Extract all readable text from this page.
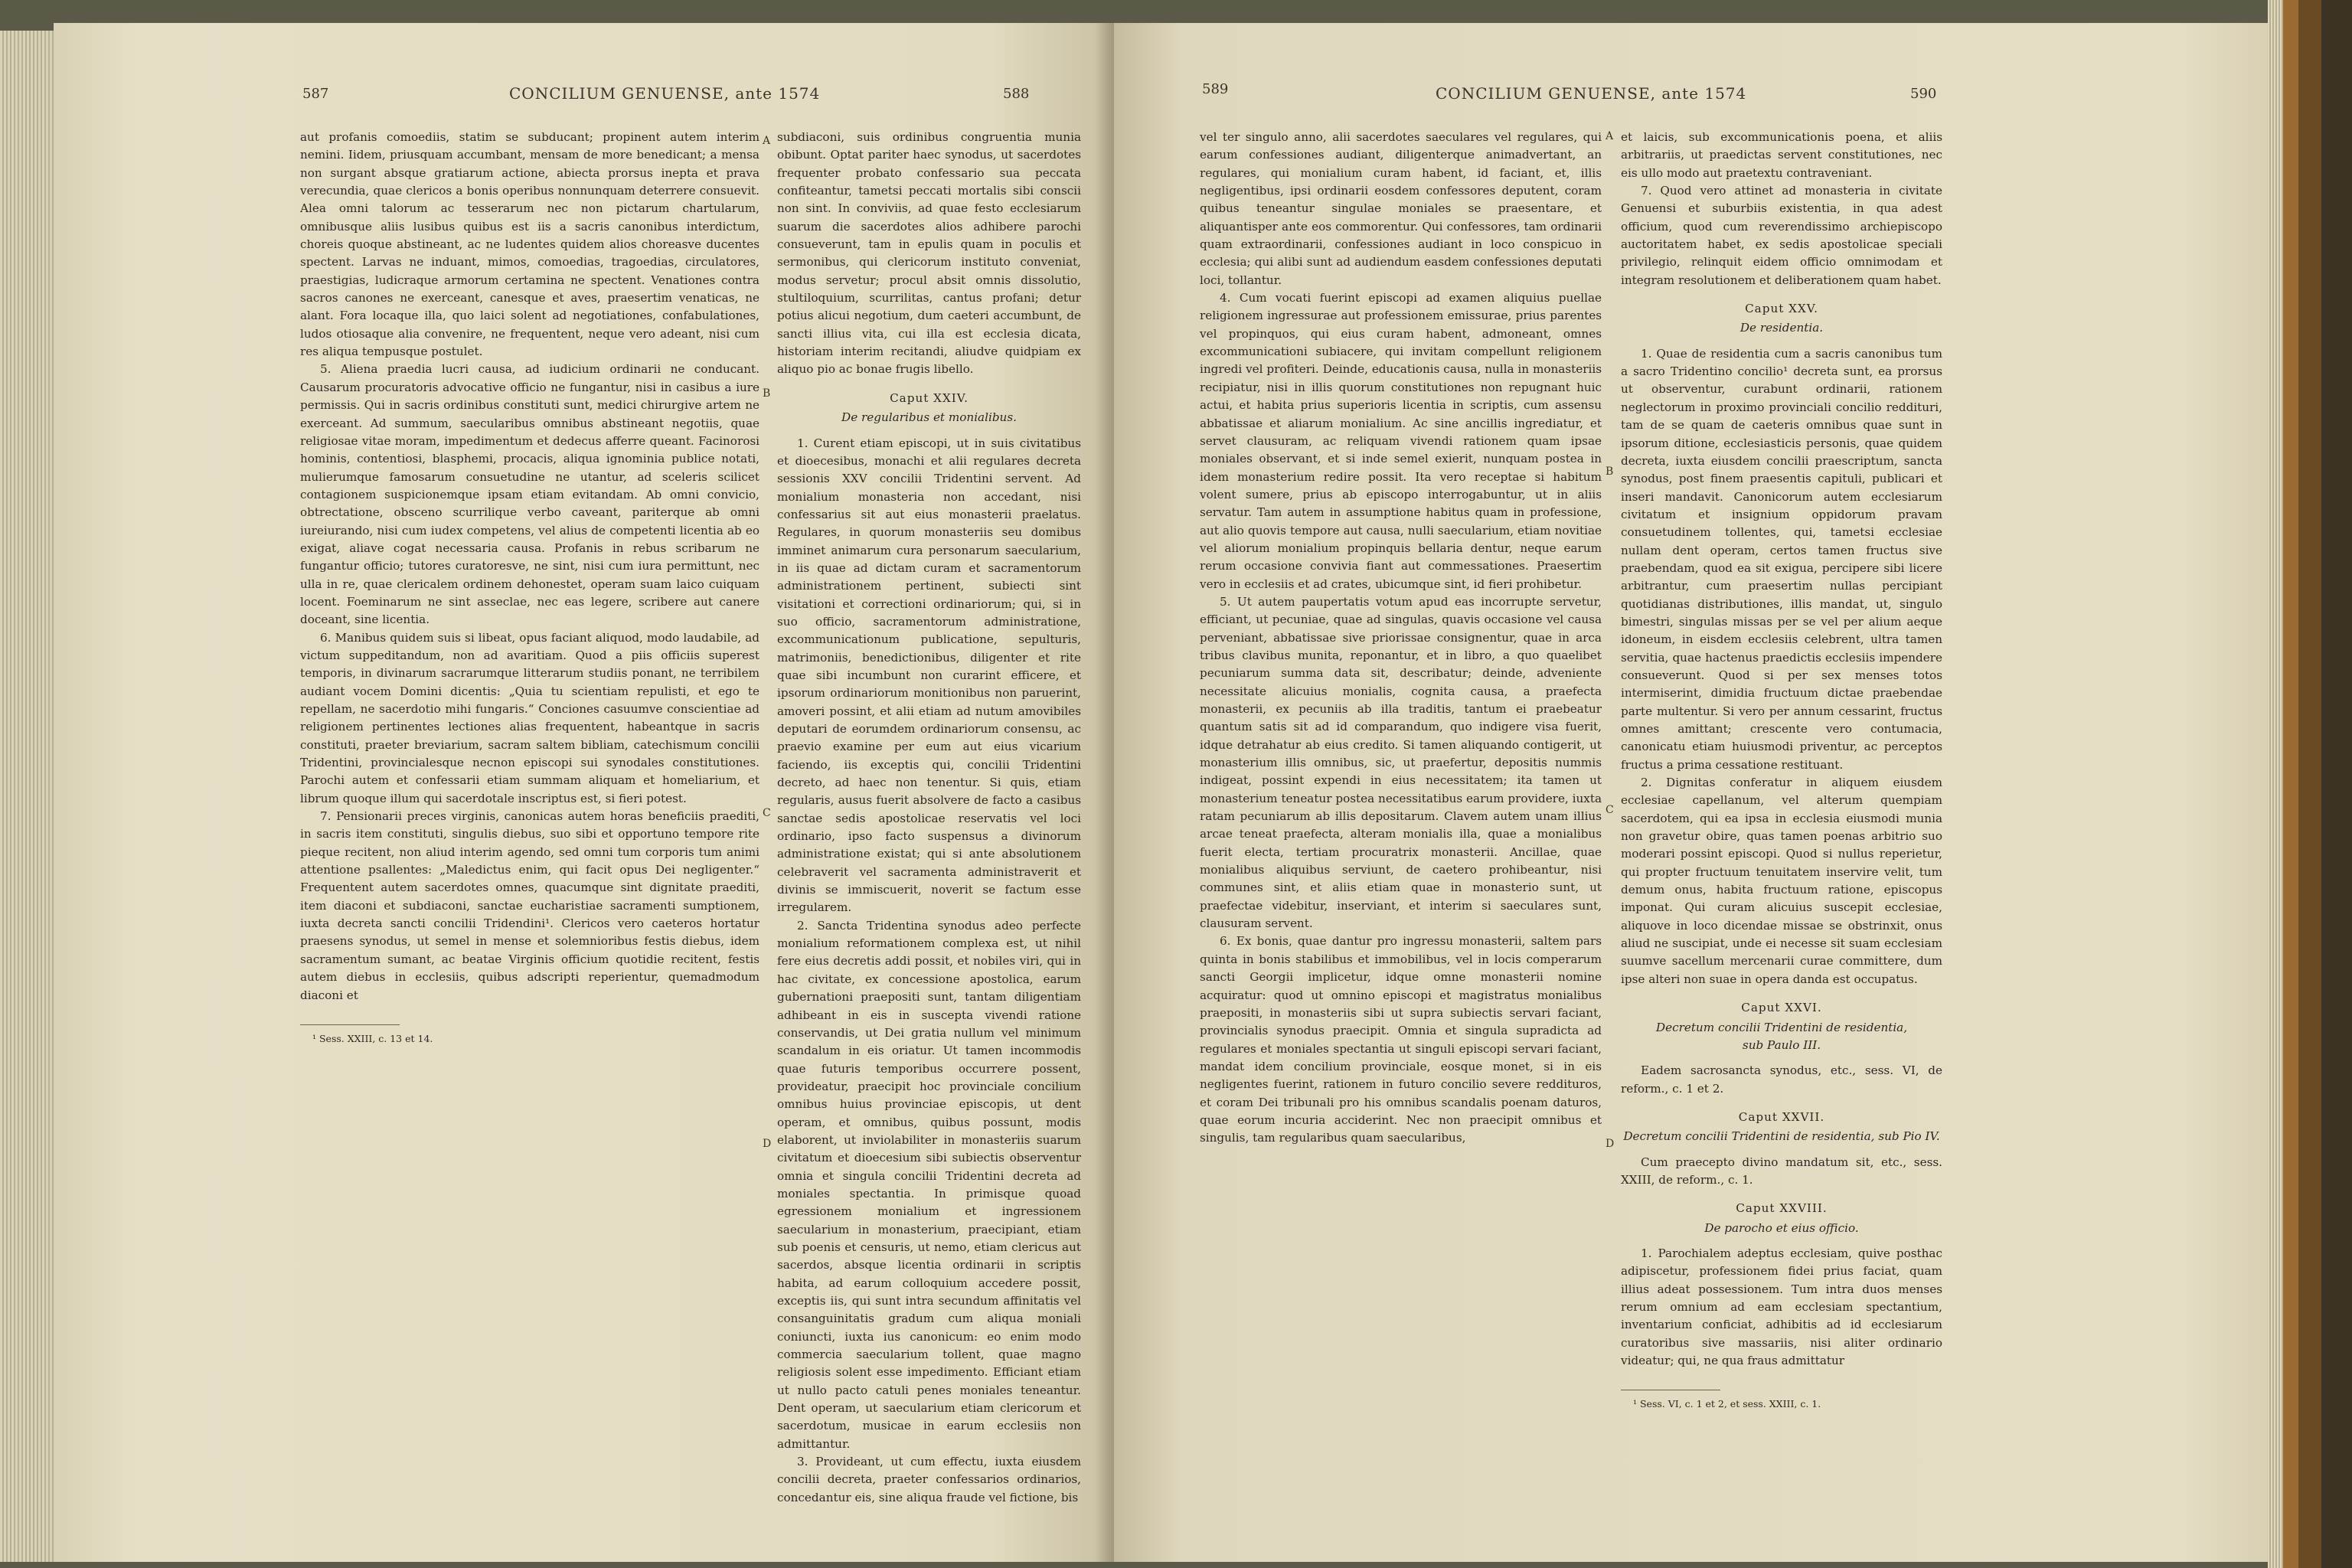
587	CONCILIUM GENUENSE, ante 1574	588

aut profanis comoediis, statim se subducant; propinent autem interim nemini. Iidem, priusquam accumbant, mensam de more benedicant; a mensa non surgant absque gratiarum actione, abiecta prorsus inepta et prava verecundia, quae clericos a bonis operibus nonnunquam deterrere consuevit. Alea omni talorum ac tesserarum nec non pictarum chartularum, omnibusque aliis lusibus quibus est iis a sacris canonibus interdictum, choreis quoque abstineant, ac ne ludentes quidem alios choreasve ducentes spectent. Larvas ne induant, mimos, comoedias, tragoedias, circulatores, praestigias, ludicraque armorum certamina ne spectent. Venationes contra sacros canones ne exerceant, canesque et aves, praesertim venaticas, ne alant. Fora locaque illa, quo laici solent ad negotiationes, confabulationes, ludos otiosaque alia convenire, ne frequentent, neque vero adeant, nisi cum res aliqua tempusque postulet.

5. Aliena praedia lucri causa, ad iudicium ordinarii ne conducant. Causarum procuratoris advocative officio ne fungantur, nisi in casibus a iure permissis. Qui in sacris ordinibus constituti sunt, medici chirurgive artem ne exerceant. Ad summum, saecularibus omnibus abstineant negotiis, quae religiosae vitae moram, impedimentum et dedecus afferre queant. Facinorosi hominis, contentiosi, blasphemi, procacis, aliqua ignominia publice notati, mulierumque famosarum consuetudine ne utantur, ad sceleris scilicet contagionem suspicionemque ipsam etiam evitandam. Ab omni convicio, obtrectatione, obsceno scurrilique verbo caveant, pariterque ab omni iureiurando, nisi cum iudex competens, vel alius de competenti licentia ab eo exigat, aliave cogat necessaria causa. Profanis in rebus scribarum ne fungantur officio; tutores curatoresve, ne sint, nisi cum iura permittunt, nec ulla in re, quae clericalem ordinem dehonestet, operam suam laico cuiquam locent. Foeminarum ne sint asseclae, nec eas legere, scribere aut canere doceant, sine licentia.

6. Manibus quidem suis si libeat, opus faciant aliquod, modo laudabile, ad victum suppeditandum, non ad avaritiam. Quod a piis officiis superest temporis, in divinarum sacrarumque litterarum studiis ponant, ne terribilem audiant vocem Domini dicentis: „Quia tu scientiam repulisti, et ego te repellam, ne sacerdotio mihi fungaris.“ Conciones casuumve conscientiae ad religionem pertinentes lectiones alias frequentent, habeantque in sacris constituti, praeter breviarium, sacram saltem bibliam, catechismum concilii Tridentini, provincialesque necnon episcopi sui synodales constitutiones. Parochi autem et confessarii etiam summam aliquam et homeliarium, et librum quoque illum qui sacerdotale inscriptus est, si fieri potest.

7. Pensionarii preces virginis, canonicas autem horas beneficiis praediti, in sacris item constituti, singulis diebus, suo sibi et opportuno tempore rite pieque recitent, non aliud interim agendo, sed omni tum corporis tum animi attentione psallentes: „Maledictus enim, qui facit opus Dei negligenter.“ Frequentent autem sacerdotes omnes, quacumque sint dignitate praediti, item diaconi et subdiaconi, sanctae eucharistiae sacramenti sumptionem, iuxta decreta sancti concilii Tridendini¹. Clericos vero caeteros hortatur praesens synodus, ut semel in mense et solemnioribus festis diebus, idem sacramentum sumant, ac beatae Virginis officium quotidie recitent, festis autem diebus in ecclesiis, quibus adscripti reperientur, quemadmodum diaconi et

¹ Sess. XXIII, c. 13 et 14.

A
B
C
D

subdiaconi, suis ordinibus congruentia munia obibunt. Optat pariter haec synodus, ut sacerdotes frequenter probato confessario sua peccata confiteantur, tametsi peccati mortalis sibi conscii non sint. In conviviis, ad quae festo ecclesiarum suarum die sacerdotes alios adhibere parochi consueverunt, tam in epulis quam in poculis et sermonibus, qui clericorum instituto conveniat, modus servetur; procul absit omnis dissolutio, stultiloquium, scurrilitas, cantus profani; detur potius alicui negotium, dum caeteri accumbunt, de sancti illius vita, cui illa est ecclesia dicata, historiam interim recitandi, aliudve quidpiam ex aliquo pio ac bonae frugis libello.

Caput XXIV.

De regularibus et monialibus.

1. Curent etiam episcopi, ut in suis civitatibus et dioecesibus, monachi et alii regulares decreta sessionis XXV concilii Tridentini servent. Ad monialium monasteria non accedant, nisi confessarius sit aut eius monasterii praelatus. Regulares, in quorum monasteriis seu domibus imminet animarum cura personarum saecularium, in iis quae ad dictam curam et sacramentorum administrationem pertinent, subiecti sint visitationi et correctioni ordinariorum; qui, si in suo officio, sacramentorum administratione, excommunicationum publicatione, sepulturis, matrimoniis, benedictionibus, diligenter et rite quae sibi incumbunt non curarint efficere, et ipsorum ordinariorum monitionibus non paruerint, amoveri possint, et alii etiam ad nutum amovibiles deputari de eorumdem ordinariorum consensu, ac praevio examine per eum aut eius vicarium faciendo, iis exceptis qui, concilii Tridentini decreto, ad haec non tenentur. Si quis, etiam regularis, ausus fuerit absolvere de facto a casibus sanctae sedis apostolicae reservatis vel loci ordinario, ipso facto suspensus a divinorum administratione existat; qui si ante absolutionem celebraverit vel sacramenta administraverit et divinis se immiscuerit, noverit se factum esse irregularem.

2. Sancta Tridentina synodus adeo perfecte monialium reformationem complexa est, ut nihil fere eius decretis addi possit, et nobiles viri, qui in hac civitate, ex concessione apostolica, earum gubernationi praepositi sunt, tantam diligentiam adhibeant in eis in suscepta vivendi ratione conservandis, ut Dei gratia nullum vel minimum scandalum in eis oriatur. Ut tamen incommodis quae futuris temporibus occurrere possent, provideatur, praecipit hoc provinciale concilium omnibus huius provinciae episcopis, ut dent operam, et omnibus, quibus possunt, modis elaborent, ut inviolabiliter in monasteriis suarum civitatum et dioecesium sibi subiectis observentur omnia et singula concilii Tridentini decreta ad moniales spectantia. In primisque quoad egressionem monialium et ingressionem saecularium in monasterium, praecipiant, etiam sub poenis et censuris, ut nemo, etiam clericus aut sacerdos, absque licentia ordinarii in scriptis habita, ad earum colloquium accedere possit, exceptis iis, qui sunt intra secundum affinitatis vel consanguinitatis gradum cum aliqua moniali coniuncti, iuxta ius canonicum: eo enim modo commercia saecularium tollent, quae magno religiosis solent esse impedimento. Efficiant etiam ut nullo pacto catuli penes moniales teneantur. Dent operam, ut saecularium etiam clericorum et sacerdotum, musicae in earum ecclesiis non admittantur.

3. Provideant, ut cum effectu, iuxta eiusdem concilii decreta, praeter confessarios ordinarios, concedantur eis, sine aliqua fraude vel fictione, bis

589	CONCILIUM GENUENSE, ante 1574	590

vel ter singulo anno, alii sacerdotes saeculares vel regulares, qui earum confessiones audiant, diligenterque animadvertant, an regulares, qui monialium curam habent, id faciant, et, illis negligentibus, ipsi ordinarii eosdem confessores deputent, coram quibus teneantur singulae moniales se praesentare, et aliquantisper ante eos commorentur. Qui confessores, tam ordinarii quam extraordinarii, confessiones audiant in loco conspicuo in ecclesia; qui alibi sunt ad audiendum easdem confessiones deputati loci, tollantur.

4. Cum vocati fuerint episcopi ad examen aliquius puellae religionem ingressurae aut professionem emissurae, prius parentes vel propinquos, qui eius curam habent, admoneant, omnes excommunicationi subiacere, qui invitam compellunt religionem ingredi vel profiteri. Deinde, educationis causa, nulla in monasteriis recipiatur, nisi in illis quorum constitutiones non repugnant huic actui, et habita prius superioris licentia in scriptis, cum assensu abbatissae et aliarum monialium. Ac sine ancillis ingrediatur, et servet clausuram, ac reliquam vivendi rationem quam ipsae moniales observant, et si inde semel exierit, nunquam postea in idem monasterium redire possit. Ita vero receptae si habitum volent sumere, prius ab episcopo interrogabuntur, ut in aliis servatur. Tam autem in assumptione habitus quam in professione, aut alio quovis tempore aut causa, nulli saecularium, etiam novitiae vel aliorum monialium propinquis bellaria dentur, neque earum rerum occasione convivia fiant aut commessationes. Praesertim vero in ecclesiis et ad crates, ubicumque sint, id fieri prohibetur.

5. Ut autem paupertatis votum apud eas incorrupte servetur, efficiant, ut pecuniae, quae ad singulas, quavis occasione vel causa perveniant, abbatissae sive priorissae consignentur, quae in arca tribus clavibus munita, reponantur, et in libro, a quo quaelibet pecuniarum summa data sit, describatur; deinde, adveniente necessitate alicuius monialis, cognita causa, a praefecta monasterii, ex pecuniis ab illa traditis, tantum ei praebeatur quantum satis sit ad id comparandum, quo indigere visa fuerit, idque detrahatur ab eius credito. Si tamen aliquando contigerit, ut monasterium illis omnibus, sic, ut praefertur, depositis nummis indigeat, possint expendi in eius necessitatem; ita tamen ut monasterium teneatur postea necessitatibus earum providere, iuxta ratam pecuniarum ab illis depositarum. Clavem autem unam illius arcae teneat praefecta, alteram monialis illa, quae a monialibus fuerit electa, tertiam procuratrix monasterii. Ancillae, quae monialibus aliquibus serviunt, de caetero prohibeantur, nisi communes sint, et aliis etiam quae in monasterio sunt, ut praefectae videbitur, inserviant, et interim si saeculares sunt, clausuram servent.

6. Ex bonis, quae dantur pro ingressu monasterii, saltem pars quinta in bonis stabilibus et immobilibus, vel in locis comperarum sancti Georgii implicetur, idque omne monasterii nomine acquiratur: quod ut omnino episcopi et magistratus monialibus praepositi, in monasteriis sibi ut supra subiectis servari faciant, provincialis synodus praecipit. Omnia et singula supradicta ad regulares et moniales spectantia ut singuli episcopi servari faciant, mandat idem concilium provinciale, eosque monet, si in eis negligentes fuerint, rationem in futuro concilio severe reddituros, et coram Dei tribunali pro his omnibus scandalis poenam daturos, quae eorum incuria acciderint. Nec non praecipit omnibus et singulis, tam regularibus quam saecularibus,

A
B
C
D

et laicis, sub excommunicationis poena, et aliis arbitrariis, ut praedictas servent constitutiones, nec eis ullo modo aut praetextu contraveniant.

7. Quod vero attinet ad monasteria in civitate Genuensi et suburbiis existentia, in qua adest officium, quod cum reverendissimo archiepiscopo auctoritatem habet, ex sedis apostolicae speciali privilegio, relinquit eidem officio omnimodam et integram resolutionem et deliberationem quam habet.

Caput XXV.

De residentia.

1. Quae de residentia cum a sacris canonibus tum a sacro Tridentino concilio¹ decreta sunt, ea prorsus ut observentur, curabunt ordinarii, rationem neglectorum in proximo provinciali concilio redditurі, tam de se quam de caeteris omnibus quae sunt in ipsorum ditione, ecclesiasticis personis, quae quidem decreta, iuxta eiusdem concilii praescriptum, sancta synodus, post finem praesentis capituli, publicari et inseri mandavit. Canonicorum autem ecclesiarum civitatum et insignium oppidorum pravam consuetudinem tollentes, qui, tametsi ecclesiae nullam dent operam, certos tamen fructus sive praebendam, quod ea sit exigua, percipere sibi licere arbitrantur, cum praesertim nullas percipiant quotidianas distributiones, illis mandat, ut, singulo bimestri, singulas missas per se vel per alium aeque idoneum, in eisdem ecclesiis celebrent, ultra tamen servitia, quae hactenus praedictis ecclesiis impendere consueverunt. Quod si per sex menses totos intermiserint, dimidia fructuum dictae praebendae parte multentur. Si vero per annum cessarint, fructus omnes amittant; crescente vero contumacia, canonicatu etiam huiusmodi priventur, ac perceptos fructus a prima cessatione restituant.

2. Dignitas conferatur in aliquem eiusdem ecclesiae capellanum, vel alterum quempiam sacerdotem, qui ea ipsa in ecclesia eiusmodi munia non gravetur obire, quas tamen poenas arbitrio suo moderari possint episcopi. Quod si nullus reperietur, qui propter fructuum tenuitatem inservire velit, tum demum onus, habita fructuum ratione, episcopus imponat. Qui curam alicuius suscepit ecclesiae, aliquove in loco dicendae missae se obstrinxit, onus aliud ne suscipiat, unde ei necesse sit suam ecclesiam suumve sacellum mercenarii curae committere, dum ipse alteri non suae in opera danda est occupatus.

Caput XXVI.

Decretum concilii Tridentini de residentia,

sub Paulo III.

Eadem sacrosancta synodus, etc., sess. VI, de reform., c. 1 et 2.

Caput XXVII.

Decretum concilii Tridentini de residentia, sub Pio IV.

Cum praecepto divino mandatum sit, etc., sess. XXIII, de reform., c. 1.

Caput XXVIII.

De parocho et eius officio.

1. Parochialem adeptus ecclesiam, quive posthac adipiscetur, professionem fidei prius faciat, quam illius adeat possessionem. Tum intra duos menses rerum omnium ad eam ecclesiam spectantium, inventarium conficiat, adhibitis ad id ecclesiarum curatoribus sive massariis, nisi aliter ordinario videatur; qui, ne qua fraus admittatur

¹ Sess. VI, c. 1 et 2, et sess. XXIII, c. 1.
